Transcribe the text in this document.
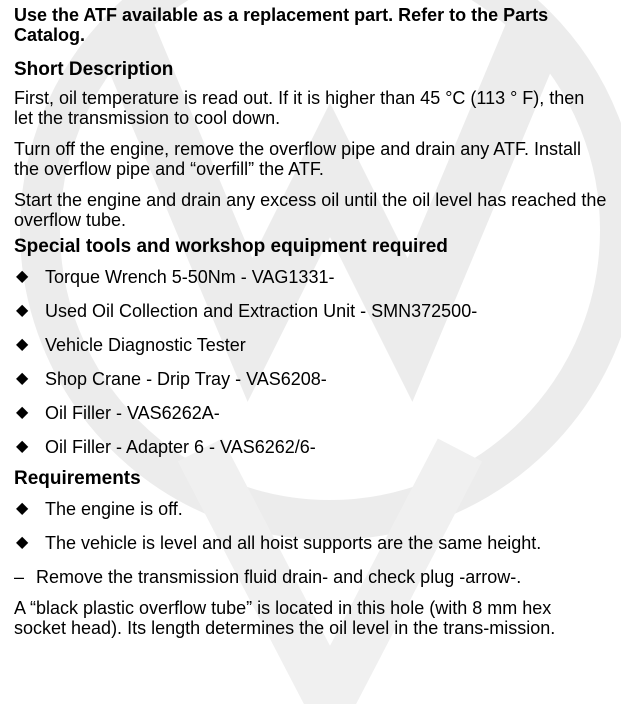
Use the ATF available as a replacement part. Refer to the Parts Catalog.
Short Description

First, oil temperature is read out. If it is higher than 45 °C (113 ° F), then let the transmission to cool down.

Turn off the engine, remove the overflow pipe and drain any ATF. Install the overflow pipe and “overfill” the ATF.

Start the engine and drain any excess oil until the oil level has reached the overflow tube.

Special tools and workshop equipment required
◆ Torque Wrench 5-50Nm - VAG1331-
◆ Used Oil Collection and Extraction Unit - SMN372500-
◆ Vehicle Diagnostic Tester
◆ Shop Crane - Drip Tray - VAS6208-
◆ Oil Filler - VAS6262A-
◆ Oil Filler - Adapter 6 - VAS6262/6-
Requirements
◆ The engine is off.
◆ The vehicle is level and all hoist supports are the same height.
– Remove the transmission fluid drain- and check plug -arrow-.

A “black plastic overflow tube” is located in this hole (with 8 mm hex socket head). Its length determines the oil level in the trans-mission.
